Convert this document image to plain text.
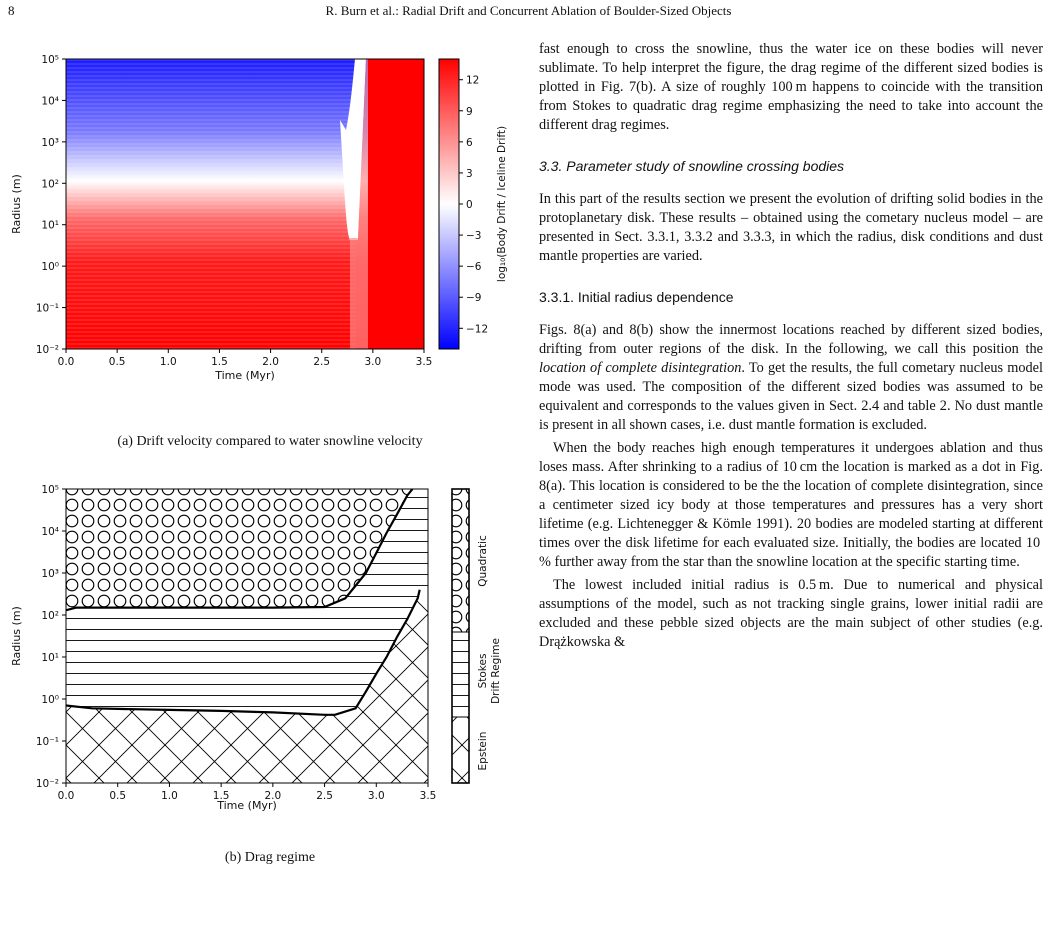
8	R. Burn et al.: Radial Drift and Concurrent Ablation of Boulder-Sized Objects
0.0	0.5	1.0	1.5	2.0	2.5	3.0	3.5
10⁻²
10⁻¹
10⁰
10¹
10²
10³
10⁴
10⁵
Time (Myr)
Radius (m)
12
9
6
3
0
−3
−6
−9
−12
log₁₀(Body Drift / Iceline Drift)
(a) Drift velocity compared to water snowline velocity
0.0	0.5	1.0	1.5	2.0	2.5	3.0	3.5
10⁻²
10⁻¹
10⁰
10¹
10²
10³
10⁴
10⁵
Time (Myr)
Radius (m)
Quadratic
Stokes Drift Regime
Epstein
(b) Drag regime

fast enough to cross the snowline, thus the water ice on these bodies will never sublimate. To help interpret the figure, the drag regime of the different sized bodies is plotted in Fig. 7(b). A size of roughly 100 m happens to coincide with the transition from Stokes to quadratic drag regime emphasizing the need to take into account the different drag regimes.

3.3. Parameter study of snowline crossing bodies

In this part of the results section we present the evolution of drifting solid bodies in the protoplanetary disk. These results – obtained using the cometary nucleus model – are presented in Sect. 3.3.1, 3.3.2 and 3.3.3, in which the radius, disk conditions and dust mantle properties are varied.

3.3.1. Initial radius dependence

Figs. 8(a) and 8(b) show the innermost locations reached by different sized bodies, drifting from outer regions of the disk. In the following, we call this position the location of complete disintegration. To get the results, the full cometary nucleus model mode was used. The composition of the different sized bodies was assumed to be equivalent and corresponds to the values given in Sect. 2.4 and table 2. No dust mantle is present in all shown cases, i.e. dust mantle formation is excluded.

When the body reaches high enough temperatures it undergoes ablation and thus loses mass. After shrinking to a radius of 10 cm the location is marked as a dot in Fig. 8(a). This location is considered to be the the location of complete disintegration, since a centimeter sized icy body at those temperatures and pressures has a very short lifetime (e.g. Lichtenegger & Kömle 1991). 20 bodies are modeled starting at different times over the disk lifetime for each evaluated size. Initially, the bodies are located 10 % further away from the star than the snowline location at the specific starting time.

The lowest included initial radius is 0.5 m. Due to numerical and physical assumptions of the model, such as not tracking single grains, lower initial radii are excluded and these pebble sized objects are the main subject of other studies (e.g. Drążkowska &
